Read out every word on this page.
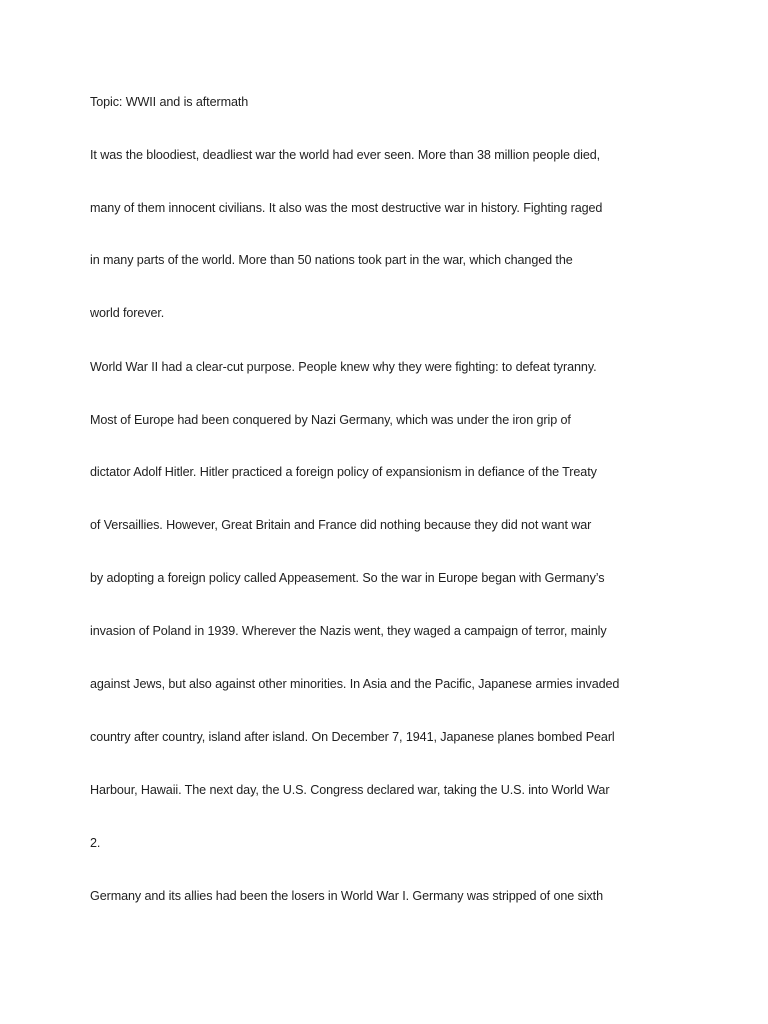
Topic: WWII and is aftermath
It was the bloodiest, deadliest war the world had ever seen. More than 38 million people died,
many of them innocent civilians. It also was the most destructive war in history. Fighting raged
in many parts of the world. More than 50 nations took part in the war, which changed the
world forever.
World War II had a clear-cut purpose. People knew why they were fighting: to defeat tyranny.
Most of Europe had been conquered by Nazi Germany, which was under the iron grip of
dictator Adolf Hitler. Hitler practiced a foreign policy of expansionism in defiance of the Treaty
of Versaillies. However, Great Britain and France did nothing because they did not want war
by adopting a foreign policy called Appeasement. So the war in Europe began with Germany’s
invasion of Poland in 1939. Wherever the Nazis went, they waged a campaign of terror, mainly
against Jews, but also against other minorities. In Asia and the Pacific, Japanese armies invaded
country after country, island after island. On December 7, 1941, Japanese planes bombed Pearl
Harbour, Hawaii. The next day, the U.S. Congress declared war, taking the U.S. into World War
2.
Germany and its allies had been the losers in World War I. Germany was stripped of one sixth
